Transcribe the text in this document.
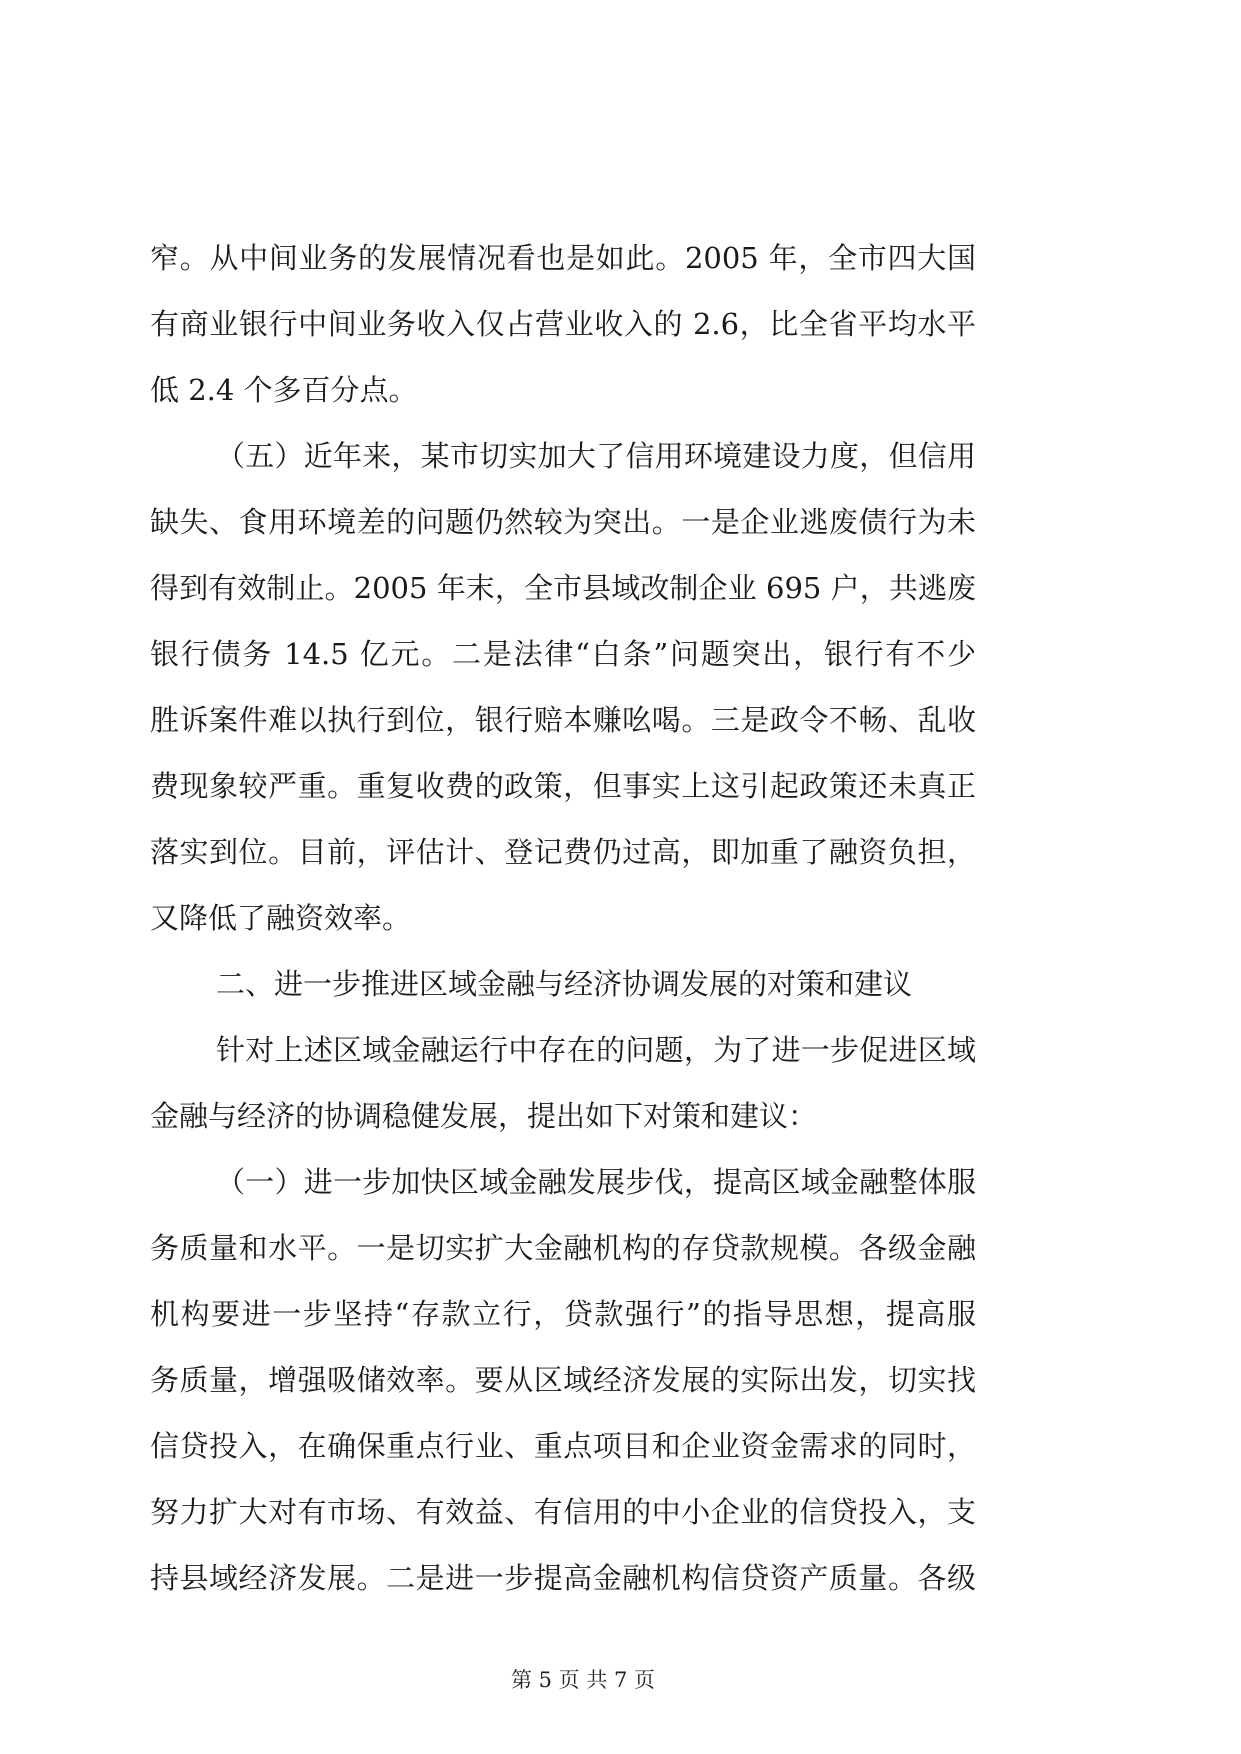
窄。从中间业务的发展情况看也是如此。2005 年，全市四大国
有商业银行中间业务收入仅占营业收入的 2.6，比全省平均水平
低 2.4 个多百分点。
（五）近年来，某市切实加大了信用环境建设力度，但信用
缺失、食用环境差的问题仍然较为突出。一是企业逃废债行为未
得到有效制止。2005 年末，全市县域改制企业 695 户，共逃废
银行债务 14.5 亿元。二是法律“白条”问题突出，银行有不少
胜诉案件难以执行到位，银行赔本赚吆喝。三是政令不畅、乱收
费现象较严重。重复收费的政策，但事实上这引起政策还未真正
落实到位。目前，评估计、登记费仍过高，即加重了融资负担，
又降低了融资效率。
二、进一步推进区域金融与经济协调发展的对策和建议
针对上述区域金融运行中存在的问题，为了进一步促进区域
金融与经济的协调稳健发展，提出如下对策和建议：
（一）进一步加快区域金融发展步伐，提高区域金融整体服
务质量和水平。一是切实扩大金融机构的存贷款规模。各级金融
机构要进一步坚持“存款立行，贷款强行”的指导思想，提高服
务质量，增强吸储效率。要从区域经济发展的实际出发，切实找
信贷投入，在确保重点行业、重点项目和企业资金需求的同时，
努力扩大对有市场、有效益、有信用的中小企业的信贷投入，支
持县域经济发展。二是进一步提高金融机构信贷资产质量。各级
第 5 页 共 7 页
